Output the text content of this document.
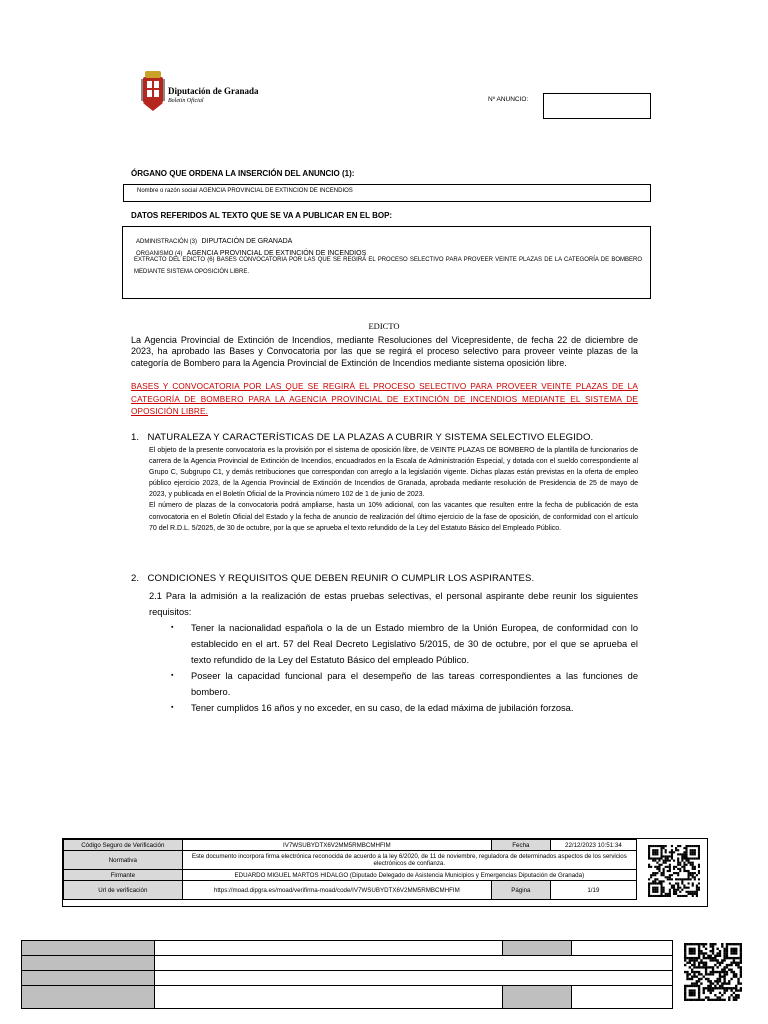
Diputación de Granada
Boletín Oficial	Nº ANUNCIO:
ÓRGANO QUE ORDENA LA INSERCIÓN DEL ANUNCIO (1):
Nombre o razón social AGENCIA PROVINCIAL DE EXTINCION DE INCENDIOS
DATOS REFERIDOS AL TEXTO QUE SE VA A PUBLICAR EN EL BOP:
ADMINISTRACIÓN (3) DIPUTACIÓN DE GRANADA
ORGANISMO (4) AGENCIA PROVINCIAL DE EXTINCIÓN DE INCENDIOS
EXTRACTO DEL EDICTO (6) BASES CONVOCATORIA POR LAS QUE SE REGIRÁ EL PROCESO SELECTIVO PARA PROVEER VEINTE PLAZAS DE LA CATEGORÍA DE BOMBERO MEDIANTE SISTEMA OPOSICIÓN LIBRE.
EDICTO
La Agencia Provincial de Extinción de Incendios, mediante Resoluciones del Vicepresidente, de fecha 22 de diciembre de 2023, ha aprobado las Bases y Convocatoria por las que se regirá el proceso selectivo para proveer veinte plazas de la categoría de Bombero para la Agencia Provincial de Extinción de Incendios mediante sistema oposición libre.
BASES Y CONVOCATORIA POR LAS QUE SE REGIRÁ EL PROCESO SELECTIVO PARA PROVEER VEINTE PLAZAS DE LA CATEGORÍA DE BOMBERO PARA LA AGENCIA PROVINCIAL DE EXTINCIÓN DE INCENDIOS MEDIANTE EL SISTEMA DE OPOSICIÓN LIBRE.
1.   NATURALEZA Y CARACTERÍSTICAS DE LA PLAZAS A CUBRIR Y SISTEMA SELECTIVO ELEGIDO.
El objeto de la presente convocatoria es la provisión por el sistema de oposición libre, de VEINTE PLAZAS DE BOMBERO de la plantilla de funcionarios de carrera de la Agencia Provincial de Extinción de Incendios, encuadrados en la Escala de Administración Especial, y dotada con el sueldo correspondiente al Grupo C, Subgrupo C1, y demás retribuciones que correspondan con arreglo a la legislación vigente. Dichas plazas están previstas en la oferta de empleo público ejercicio 2023, de la Agencia Provincial de Extinción de Incendios de Granada, aprobada mediante resolución de Presidencia de 25 de mayo de 2023, y publicada en el Boletín Oficial de la Provincia número 102 de 1 de junio de 2023.
El número de plazas de la convocatoria podrá ampliarse, hasta un 10% adicional, con las vacantes que resulten entre la fecha de publicación de esta convocatoria en el Boletín Oficial del Estado y la fecha de anuncio de realización del último ejercicio de la fase de oposición, de conformidad con el artículo 70 del R.D.L. 5/2025, de 30 de octubre, por la que se aprueba el texto refundido de la Ley del Estatuto Básico del Empleado Público.
2.   CONDICIONES Y REQUISITOS QUE DEBEN REUNIR O CUMPLIR LOS ASPIRANTES.
2.1 Para la admisión a la realización de estas pruebas selectivas, el personal aspirante debe reunir los siguientes requisitos:
▪ Tener la nacionalidad española o la de un Estado miembro de la Unión Europea, de conformidad con lo establecido en el art. 57 del Real Decreto Legislativo 5/2015, de 30 de octubre, por el que se aprueba el texto refundido de la Ley del Estatuto Básico del empleado Público.
▪ Poseer la capacidad funcional para el desempeño de las tareas correspondientes a las funciones de bombero.
▪ Tener cumplidos 16 años y no exceder, en su caso, de la edad máxima de jubilación forzosa.
Código Seguro de Verificación	IV7WSUBYDTX6V2MM5RMBCMHFIM	Fecha	22/12/2023 10:51:34
Normativa	Este documento incorpora firma electrónica reconocida de acuerdo a la ley 6/2020, de 11 de noviembre, reguladora de determinados aspectos de los servicios electrónicos de confianza.		
Firmante	EDUARDO MIGUEL MARTOS HIDALGO (Diputado Delegado de Asistencia Municipios y Emergencias Diputación de Granada)		
Url de verificación	https://moad.dipgra.es/moad/verifirma-moad/code/IV7WSUBYDTX6V2MM5RMBCMHFIM	Página	1/19
